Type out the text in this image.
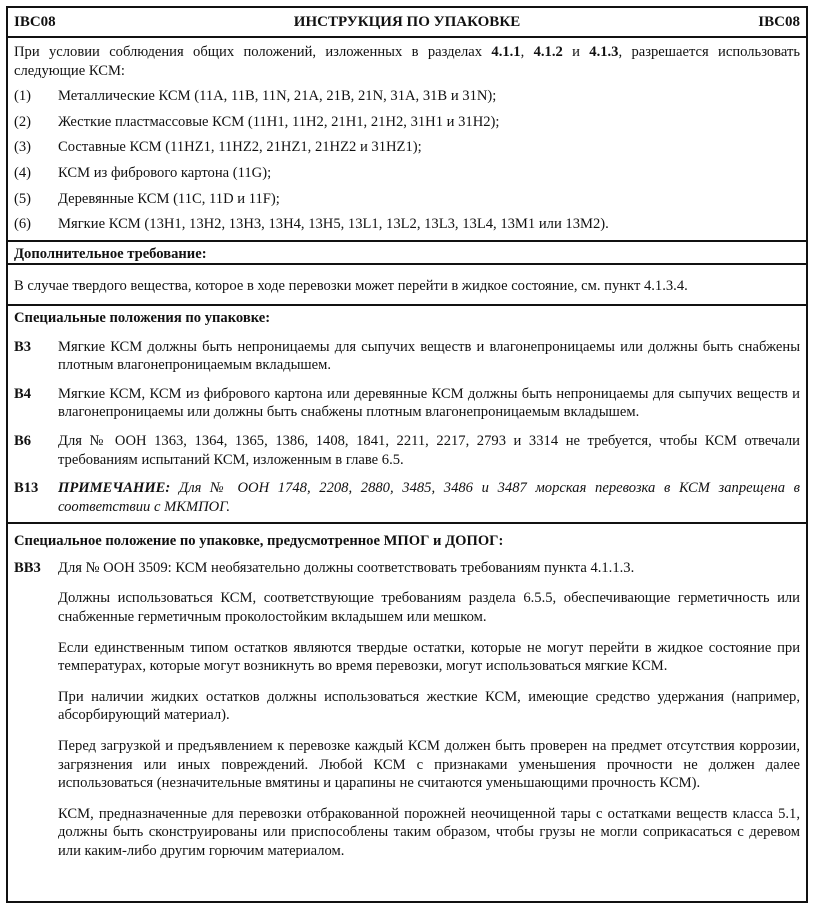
IBC08	ИНСТРУКЦИЯ ПО УПАКОВКЕ	IBC08
При условии соблюдения общих положений, изложенных в разделах 4.1.1, 4.1.2 и 4.1.3, разрешается использовать следующие КСМ:
(1)	Металлические КСМ (11A, 11B, 11N, 21A, 21B, 21N, 31A, 31B и 31N);
(2)	Жесткие пластмассовые КСМ (11H1, 11H2, 21H1, 21H2, 31H1 и 31H2);
(3)	Составные КСМ (11HZ1, 11HZ2, 21HZ1, 21HZ2 и 31HZ1);
(4)	КСМ из фибрового картона (11G);
(5)	Деревянные КСМ (11C, 11D и 11F);
(6)	Мягкие КСМ (13H1, 13H2, 13H3, 13H4, 13H5, 13L1, 13L2, 13L3, 13L4, 13M1 или 13M2).
Дополнительное требование:
В случае твердого вещества, которое в ходе перевозки может перейти в жидкое состояние, см. пункт 4.1.3.4.
Специальные положения по упаковке:
B3	Мягкие КСМ должны быть непроницаемы для сыпучих веществ и влагонепроницаемы или должны быть снабжены плотным влагонепроницаемым вкладышем.
B4	Мягкие КСМ, КСМ из фибрового картона или деревянные КСМ должны быть непроницаемы для сыпучих веществ и влагонепроницаемы или должны быть снабжены плотным влагонепроницаемым вкладышем.
B6	Для № ООН 1363, 1364, 1365, 1386, 1408, 1841, 2211, 2217, 2793 и 3314 не требуется, чтобы КСМ отвечали требованиям испытаний КСМ, изложенным в главе 6.5.
B13	ПРИМЕЧАНИЕ: Для № ООН 1748, 2208, 2880, 3485, 3486 и 3487 морская перевозка в КСМ запрещена в соответствии с МКМПОГ.
Специальное положение по упаковке, предусмотренное МПОГ и ДОПОГ:
BB3	Для № ООН 3509: КСМ необязательно должны соответствовать требованиям пункта 4.1.1.3.
Должны использоваться КСМ, соответствующие требованиям раздела 6.5.5, обеспечивающие герметичность или снабженные герметичным проколостойким вкладышем или мешком.
Если единственным типом остатков являются твердые остатки, которые не могут перейти в жидкое состояние при температурах, которые могут возникнуть во время перевозки, могут использоваться мягкие КСМ.
При наличии жидких остатков должны использоваться жесткие КСМ, имеющие средство удержания (например, абсорбирующий материал).
Перед загрузкой и предъявлением к перевозке каждый КСМ должен быть проверен на предмет отсутствия коррозии, загрязнения или иных повреждений. Любой КСМ с признаками уменьшения прочности не должен далее использоваться (незначительные вмятины и царапины не считаются уменьшающими прочность КСМ).
КСМ, предназначенные для перевозки отбракованной порожней неочищенной тары с остатками веществ класса 5.1, должны быть сконструированы или приспособлены таким образом, чтобы грузы не могли соприкасаться с деревом или каким-либо другим горючим материалом.
